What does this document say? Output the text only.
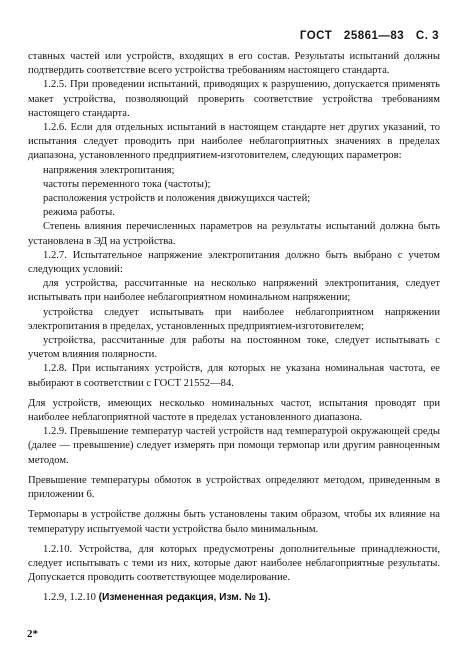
ГОСТ 25861—83 С. 3

ставных частей или устройств, входящих в его состав. Результаты испытаний должны подтвердить соответствие всего устройства требованиям настоящего стандарта.

1.2.5. При проведении испытаний, приводящих к разрушению, допускается применять макет устройства, позволяющий проверить соответствие устройства требованиям настоящего стандарта.

1.2.6. Если для отдельных испытаний в настоящем стандарте нет других указаний, то испытания следует проводить при наиболее неблагоприятных значениях в пределах диапазона, установленного предприятием-изготовителем, следующих параметров:

напряжения электропитания;

частоты переменного тока (частоты);

расположения устройств и положения движущихся частей;

режима работы.

Степень влияния перечисленных параметров на результаты испытаний должна быть установлена в ЭД на устройства.

1.2.7. Испытательное напряжение электропитания должно быть выбрано с учетом следующих условий:

для устройства, рассчитанные на несколько напряжений электропитания, следует испытывать при наиболее неблагоприятном номинальном напряжении;

устройства следует испытывать при наиболее неблагоприятном напряжении электропитания в пределах, установленных предприятием-изготовителем;

устройства, рассчитанные для работы на постоянном токе, следует испытывать с учетом влияния полярности.

1.2.8. При испытаниях устройств, для которых не указана номинальная частота, ее выбирают в соответствии с ГОСТ 21552—84.

Для устройств, имеющих несколько номинальных частот, испытания проводят при наиболее неблагоприятной частоте в пределах установленного диапазона.

1.2.9. Превышение температур частей устройств над температурой окружающей среды (далее — превышение) следует измерять при помощи термопар или другим равноценным методом.

Превышение температуры обмоток в устройствах определяют методом, приведенным в приложении 6.

Термопары в устройстве должны быть установлены таким образом, чтобы их влияние на температуру испытуемой части устройства было минимальным.

1.2.10. Устройства, для которых предусмотрены дополнительные принадлежности, следует испытывать с теми из них, которые дают наиболее неблагоприятные результаты. Допускается проводить соответствующее моделирование.

1.2.9, 1.2.10 (Измененная редакция, Изм. № 1).

2*
